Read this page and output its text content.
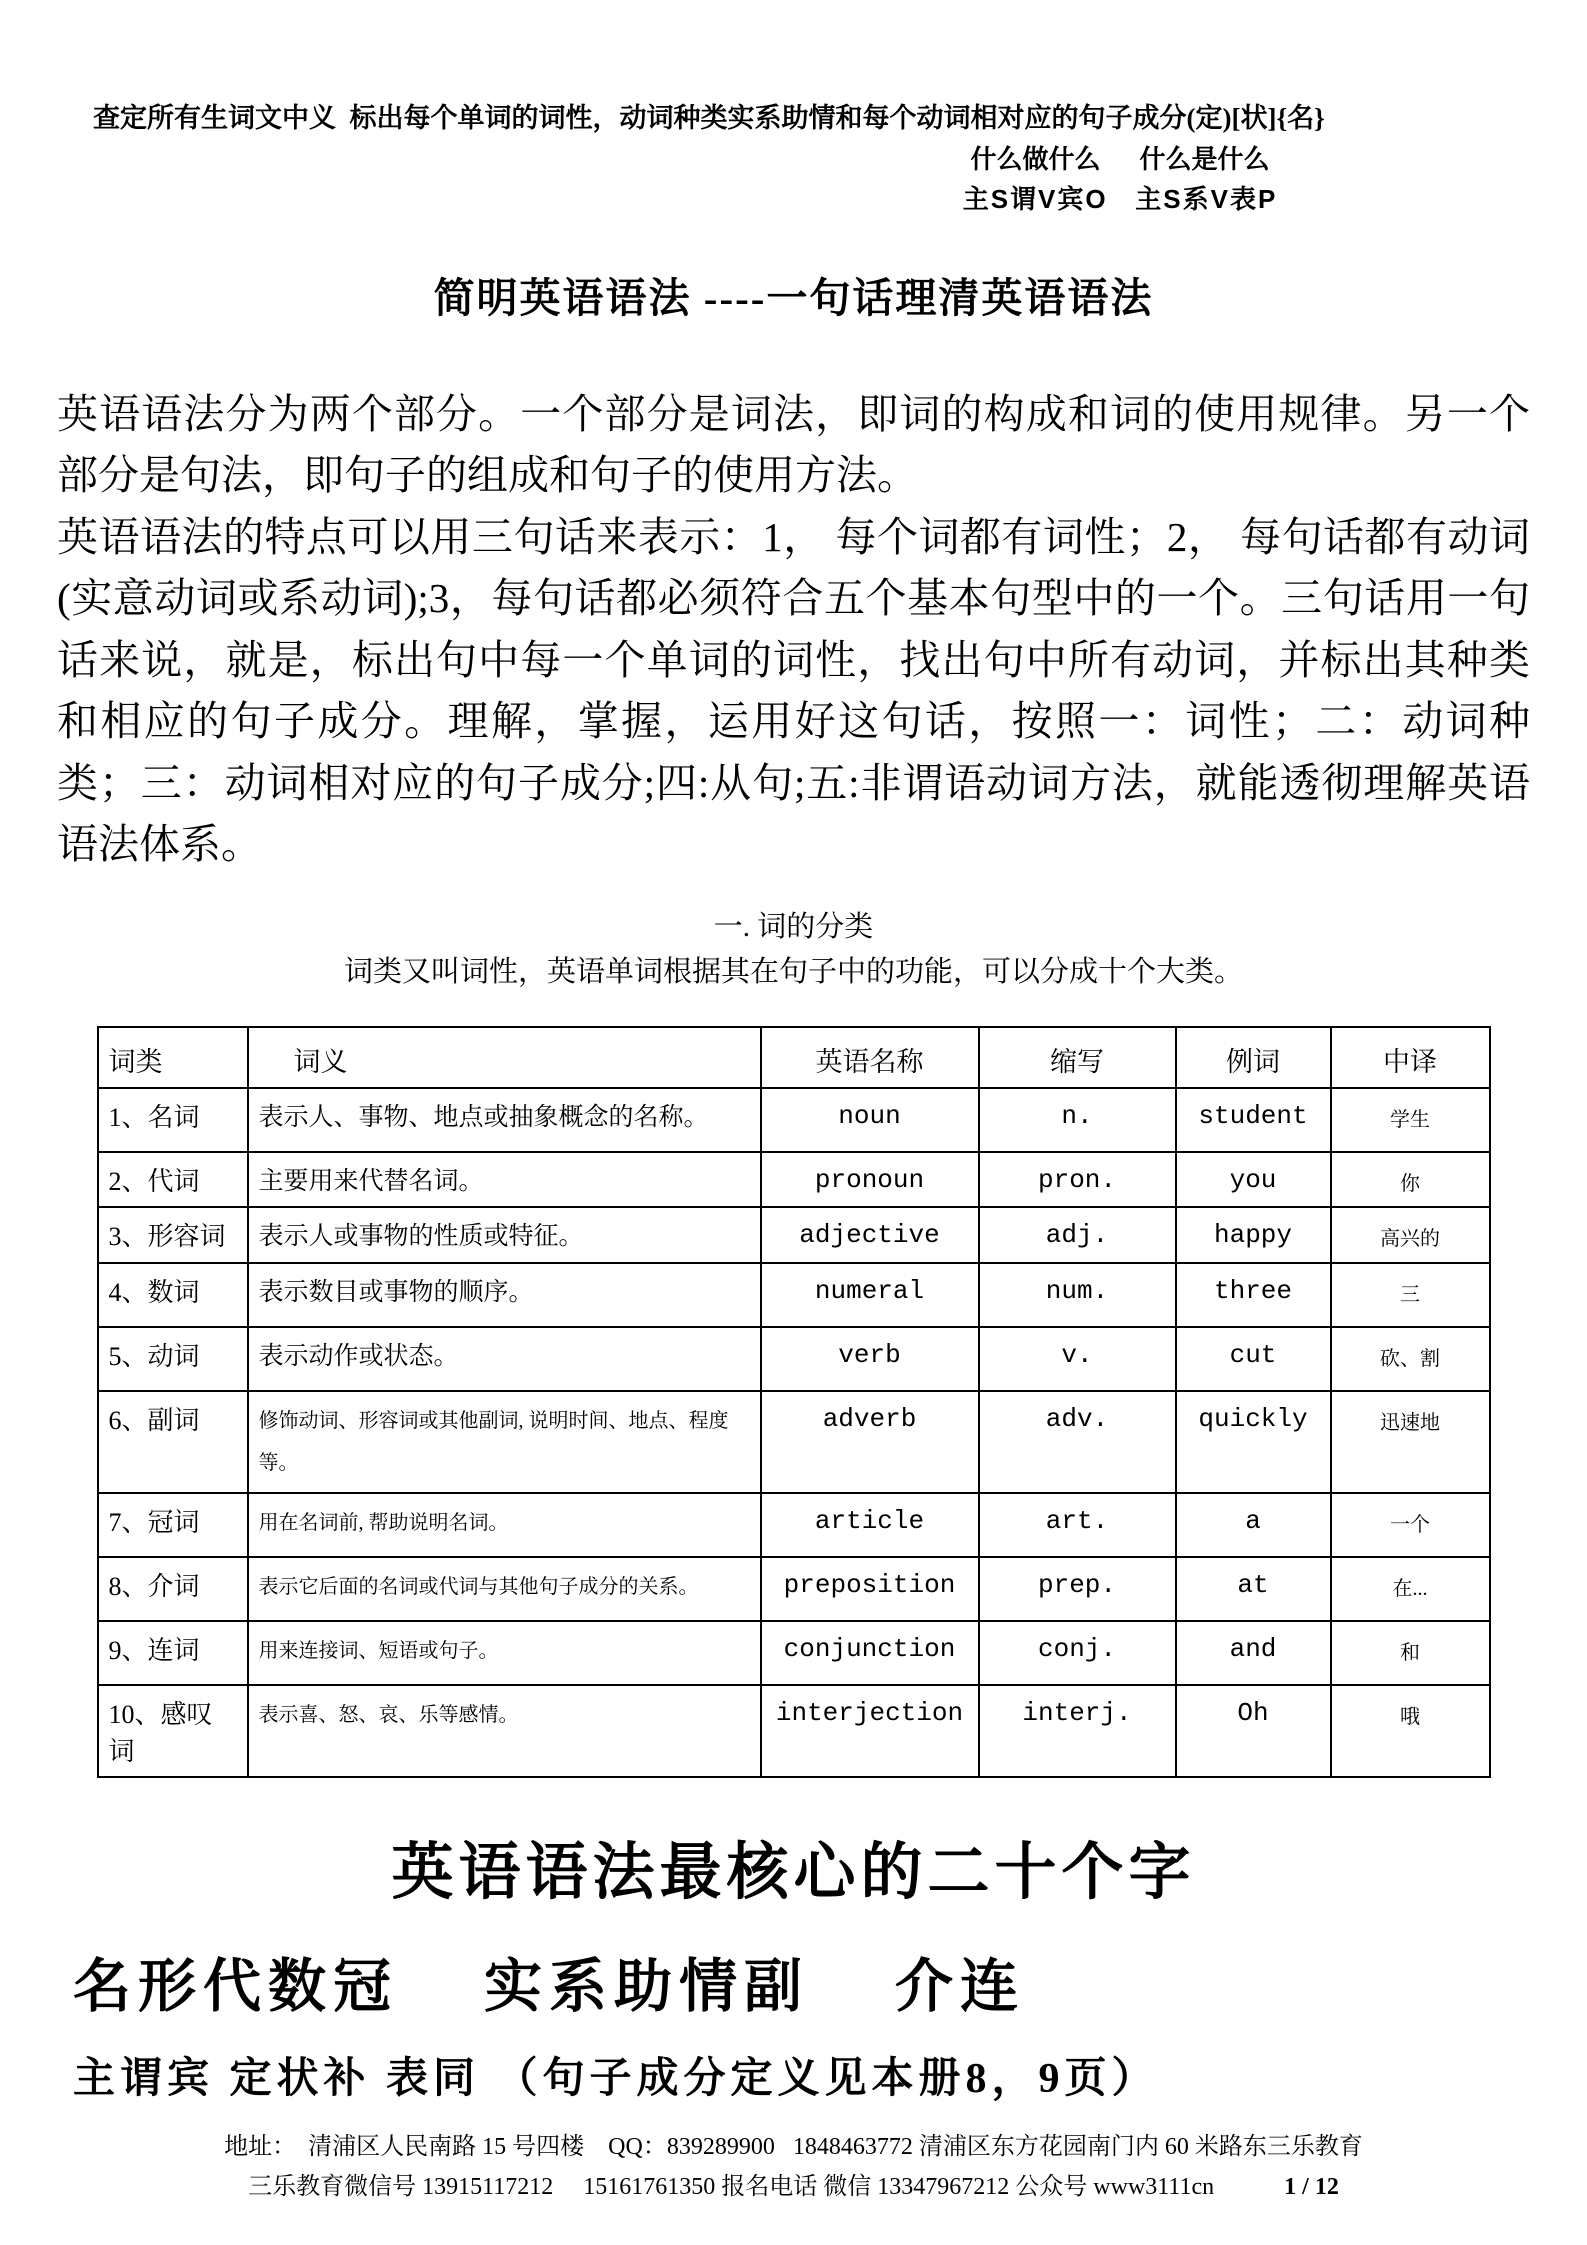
查定所有生词文中义  标出每个单词的词性，动词种类实系助情和每个动词相对应的句子成分(定)[状]{名}
什么做什么      什么是什么
主S谓V宾O   主S系V表P
简明英语语法 ----一句话理清英语语法

英语语法分为两个部分。一个部分是词法，即词的构成和词的使用规律。另一个部分是句法，即句子的组成和句子的使用方法。

英语语法的特点可以用三句话来表示：1， 每个词都有词性；2， 每句话都有动词(实意动词或系动词);3，每句话都必须符合五个基本句型中的一个。三句话用一句话来说，就是，标出句中每一个单词的词性，找出句中所有动词，并标出其种类和相应的句子成分。理解，掌握，运用好这句话，按照一：词性；二：动词种类；三：动词相对应的句子成分;四:从句;五:非谓语动词方法，就能透彻理解英语语法体系。

一. 词的分类
词类又叫词性，英语单词根据其在句子中的功能，可以分成十个大类。
词类	词义	英语名称	缩写	例词	中译
1、名词	表示人、事物、地点或抽象概念的名称。	noun	n.	student	学生
2、代词	主要用来代替名词。	pronoun	pron.	you	你
3、形容词	表示人或事物的性质或特征。	adjective	adj.	happy	高兴的
4、数词	表示数目或事物的顺序。	numeral	num.	three	三
5、动词	表示动作或状态。	verb	v.	cut	砍、割
6、副词	修饰动词、形容词或其他副词, 说明时间、地点、程度等。	adverb	adv.	quickly	迅速地
7、冠词	用在名词前, 帮助说明名词。	article	art.	a	一个
8、介词	表示它后面的名词或代词与其他句子成分的关系。	preposition	prep.	at	在...
9、连词	用来连接词、短语或句子。	conjunction	conj.	and	和
10、感叹词	表示喜、怒、哀、乐等感情。	interjection	interj.	Oh	哦
英语语法最核心的二十个字
名形代数冠    实系助情副    介连
主谓宾 定状补 表同 （句子成分定义见本册8，9页）
地址：  清浦区人民南路 15 号四楼    QQ：839289900   1848463772 清浦区东方花园南门内 60 米路东三乐教育
三乐教育微信号 13915117212     15161761350 报名电话 微信 13347967212 公众号 www3111cn	1 / 12
